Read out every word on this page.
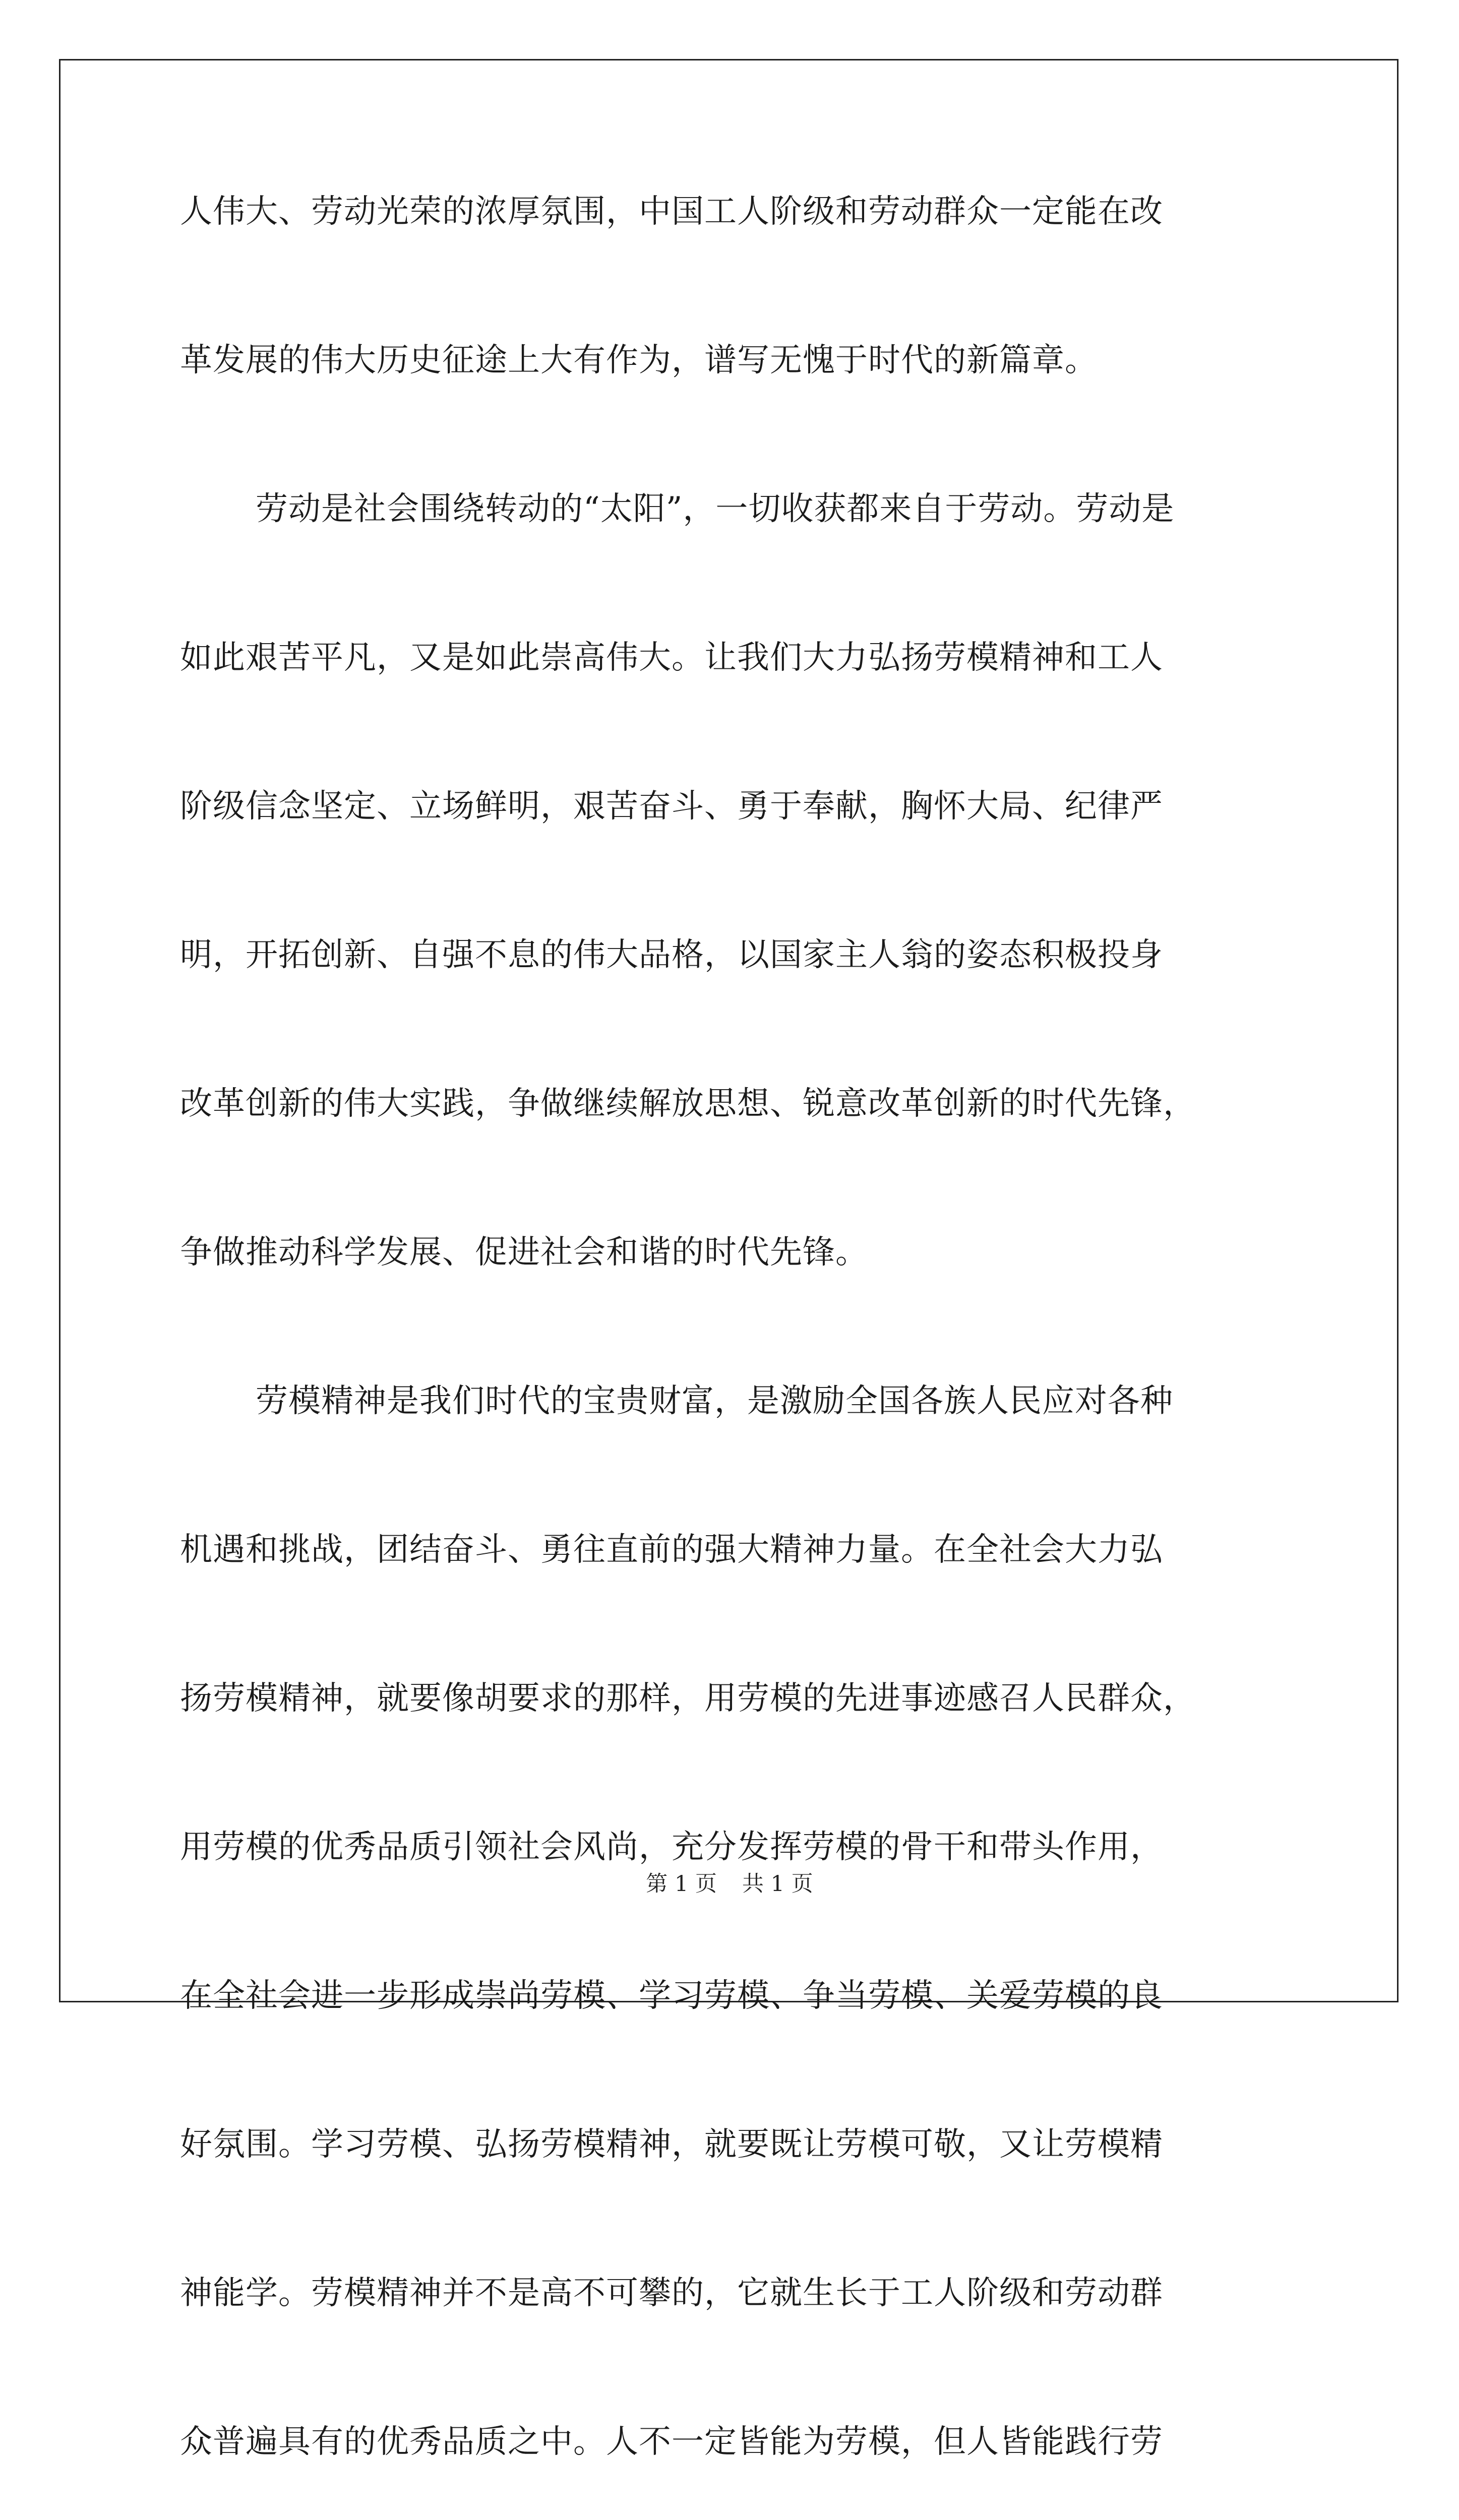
人伟大、劳动光荣的浓厚氛围，中国工人阶级和劳动群众一定能在改
革发展的伟大历史征途上大有作为，谱写无愧于时代的新篇章。
劳动是社会围绕转动的“太阳”，一切收获都来自于劳动。劳动是
如此艰苦平凡，又是如此崇高伟大。让我们大力弘扬劳模精神和工人
阶级信念坚定、立场鲜明，艰苦奋斗、勇于奉献，胸怀大局、纪律严
明，开拓创新、自强不息的伟大品格，以国家主人翁的姿态积极投身
改革创新的伟大实践，争做继续解放思想、锐意改革创新的时代先锋，
争做推动科学发展、促进社会和谐的时代先锋。
劳模精神是我们时代的宝贵财富，是激励全国各族人民应对各种
机遇和挑战，团结奋斗、勇往直前的强大精神力量。在全社会大力弘
扬劳模精神，就要像胡要求的那样，用劳模的先进事迹感召人民群众，
用劳模的优秀品质引领社会风尚，充分发挥劳模的骨干和带头作用，
在全社会进一步形成崇尚劳模、学习劳模、争当劳模、关爱劳模的良
好氛围。学习劳模、弘扬劳模精神，就要既让劳模可敬，又让劳模精
神能学。劳模精神并不是高不可攀的，它就生长于工人阶级和劳动群
众普遍具有的优秀品质之中。人不一定皆能为劳模，但人皆能践行劳
第 1 页 共 1 页
